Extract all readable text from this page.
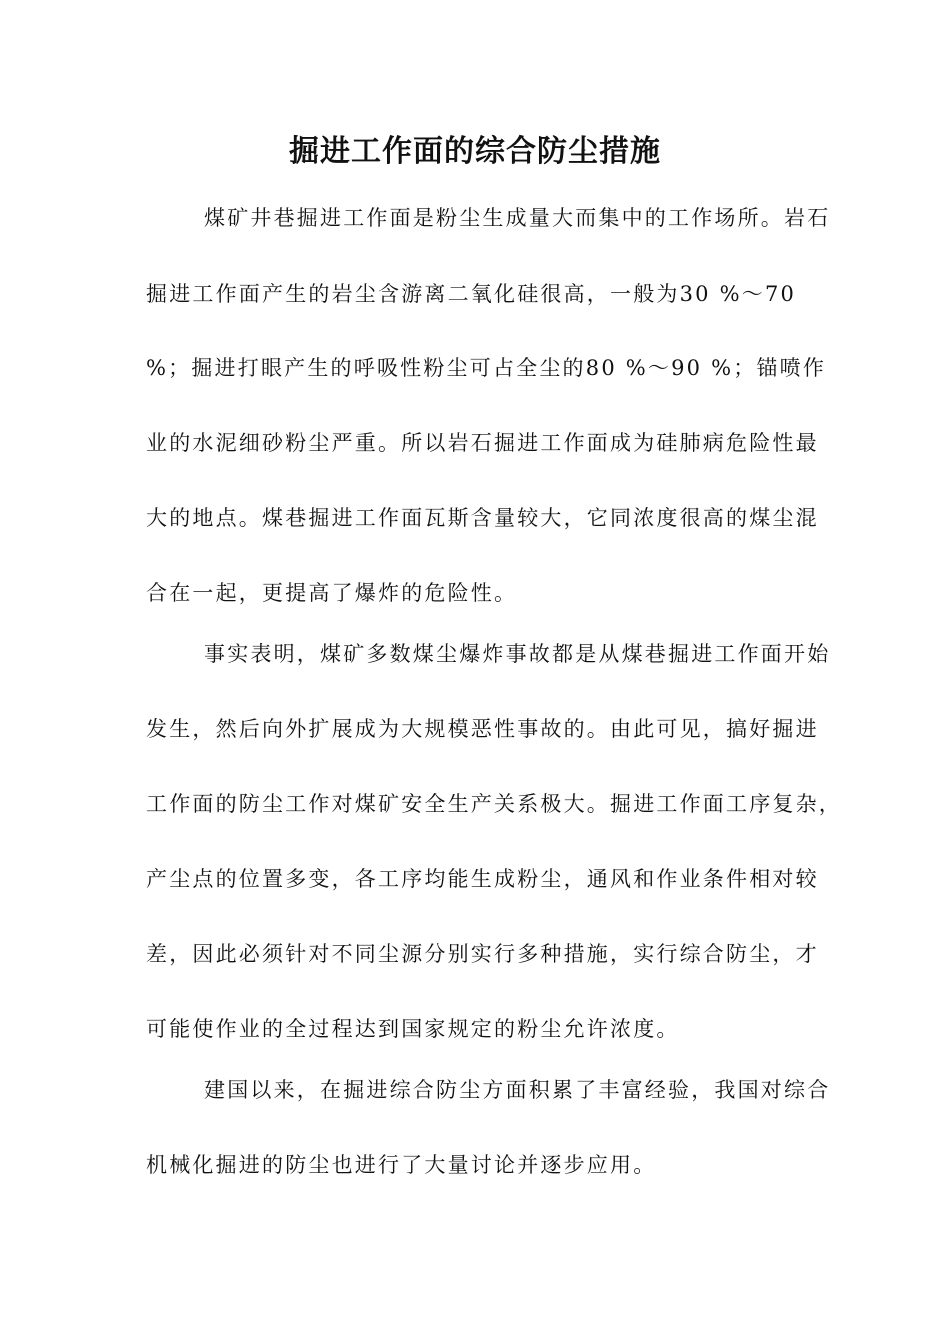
掘进工作面的综合防尘措施

煤矿井巷掘进工作面是粉尘生成量大而集中的工作场所。岩石

掘进工作面产生的岩尘含游离二氧化硅很高，一般为30 %～70

%；掘进打眼产生的呼吸性粉尘可占全尘的80 %～90 %；锚喷作

业的水泥细砂粉尘严重。所以岩石掘进工作面成为硅肺病危险性最

大的地点。煤巷掘进工作面瓦斯含量较大，它同浓度很高的煤尘混

合在一起，更提高了爆炸的危险性。

事实表明，煤矿多数煤尘爆炸事故都是从煤巷掘进工作面开始

发生，然后向外扩展成为大规模恶性事故的。由此可见，搞好掘进

工作面的防尘工作对煤矿安全生产关系极大。掘进工作面工序复杂，

产尘点的位置多变，各工序均能生成粉尘，通风和作业条件相对较

差，因此必须针对不同尘源分别实行多种措施，实行综合防尘，才

可能使作业的全过程达到国家规定的粉尘允许浓度。

建国以来，在掘进综合防尘方面积累了丰富经验，我国对综合

机械化掘进的防尘也进行了大量讨论并逐步应用。
